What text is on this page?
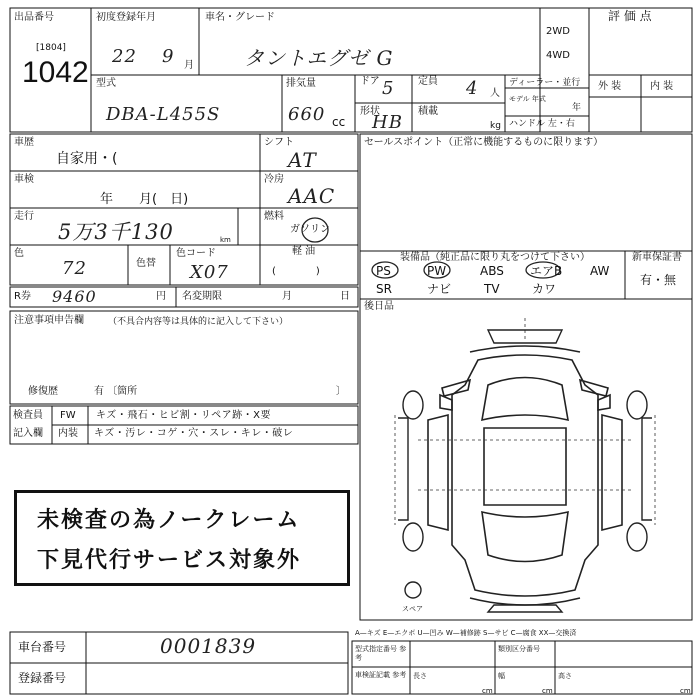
出品番号
[1804]
1042
初度登録年月
22 9 月
車名・グレード
タントエグゼ G
2WD
4WD
評 価 点
型式
DBA-L455S
排気量
660 cc
ドア 5 定員 4 人
形状
HB
積載
kg
ディーラー・並行
モデル 年式
年
ハンドル 左・右
外 装	内 装
車歴
自家用・(
車検
年　　月(　日)
走行
5万3千130	km
色
72	色替
色コード
X07
シフト
AT
冷房
AAC
燃料
ガソリン
軽 油
(　　　　)
R券 9460	円 名変期限	月	日
注意事項申告欄	（不具合内容等は具体的に記入して下さい）
修復歴	有 〔箇所	〕
検査員
記入欄
FW キズ・飛石・ヒビ割・リペア跡・X要
内装 キズ・汚レ・コゲ・穴・スレ・キレ・破レ
未検査の為ノークレーム
下見代行サービス対象外
セールスポイント（正常に機能するものに限ります）
装備品（純正品に限り丸をつけて下さい）	新車保証書
有・無
PS	PW	ABS エアB AW
SR	ナビ	TV	カワ
後日品
スペア
A—キズ E—エクボ U—凹み W—補修跡 S—サビ C—腐食 XX—交換済
車台番号	0001839
登録番号
型式指定番号 参考
類別区分番号
車検証記載 参考 長さ
cm
幅
cm
高さ
cm
